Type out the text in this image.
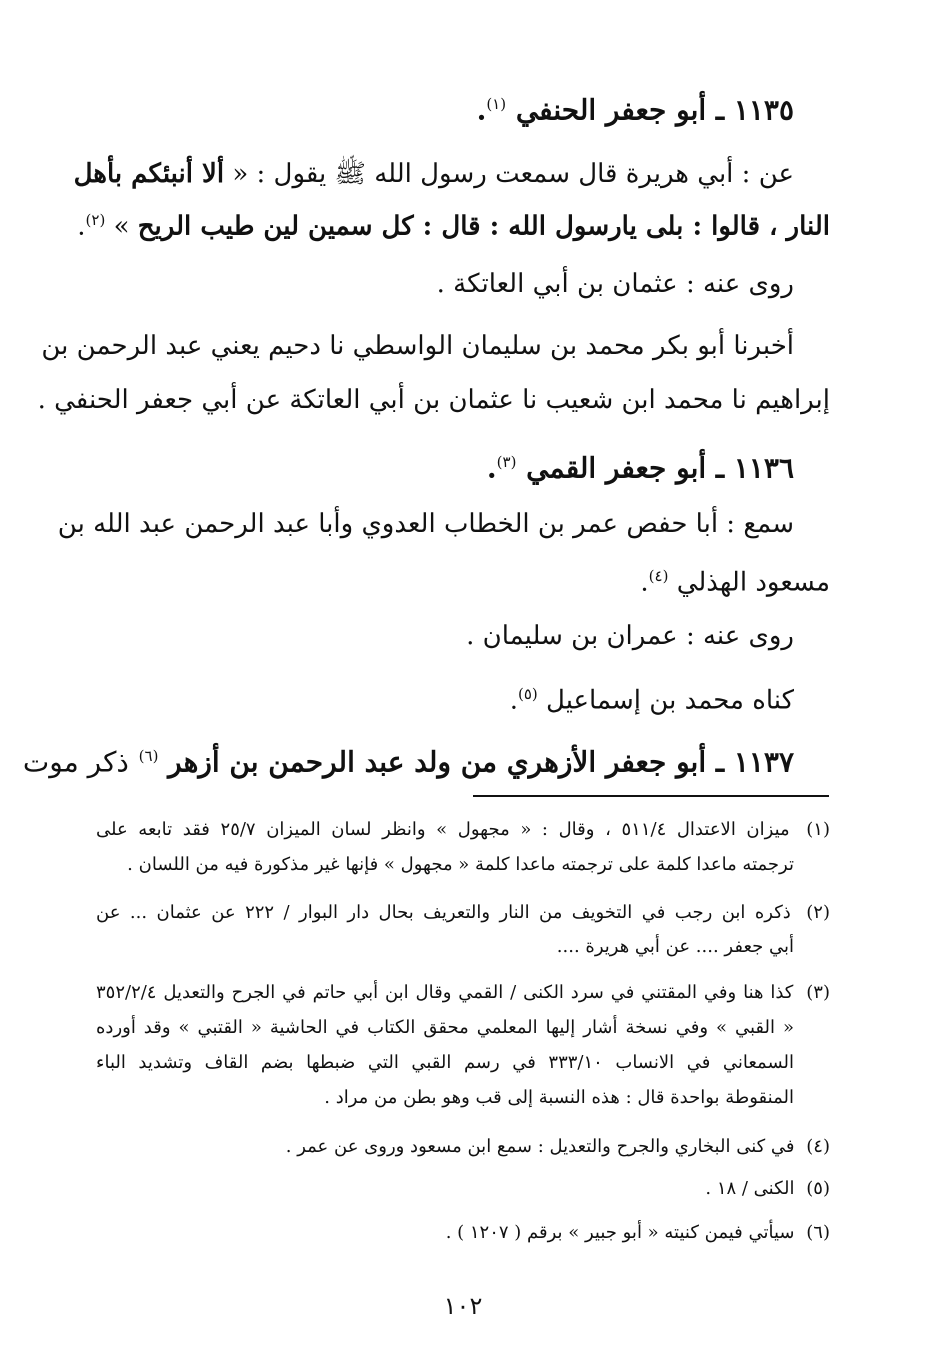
١١٣٥ ـ أبو جعفر الحنفي $^{(١)}$.
عن : أبي هريرة قال سمعت رسول الله ﷺ يقول : « ألا أنبئكم بأهل
النار ، قالوا : بلى يارسول الله : قال : كل سمين لين طيب الريح » $^{(٢)}$.
روى عنه : عثمان بن أبي العاتكة .
أخبرنا أبو بكر محمد بن سليمان الواسطي نا دحيم يعني عبد الرحمن بن
إبراهيم نا محمد ابن شعيب نا عثمان بن أبي العاتكة عن أبي جعفر الحنفي .
١١٣٦ ـ أبو جعفر القمي $^{(٣)}$.
سمع : أبا حفص عمر بن الخطاب العدوي وأبا عبد الرحمن عبد الله بن
مسعود الهذلي $^{(٤)}$.
روى عنه : عمران بن سليمان .
كناه محمد بن إسماعيل $^{(٥)}$.
١١٣٧ ـ أبو جعفر الأزهري من ولد عبد الرحمن بن أزهر $^{(٦)}$ ذكر موت
(١) ميزان الاعتدال ٥١١/٤ ، وقال : « مجهول » وانظر لسان الميزان ٢٥/٧ فقد تابعه على
ترجمته ماعدا كلمة على ترجمته ماعدا كلمة « مجهول » فإنها غير مذكورة فيه من اللسان .
(٢) ذكره ابن رجب في التخويف من النار والتعريف بحال دار البوار / ٢٢٢ عن عثمان ... عن
أبي جعفر .... عن أبي هريرة ....
(٣) كذا هنا وفي المقتني في سرد الكنى / القمي وقال ابن أبي حاتم في الجرح والتعديل ٣٥٢/٢/٤
« القبي » وفي نسخة أشار إليها المعلمي محقق الكتاب في الحاشية « القتبي » وقد أورده
السمعاني في الانساب ٣٣٣/١٠ في رسم القبي التي ضبطها بضم القاف وتشديد الباء
المنقوطة بواحدة قال : هذه النسبة إلى قب وهو بطن من مراد .
(٤) في كنى البخاري والجرح والتعديل : سمع ابن مسعود وروى عن عمر .
(٥) الكنى / ١٨ .
(٦) سيأتي فيمن كنيته « أبو جبير » برقم ( ١٢٠٧ ) .
١٠٢
